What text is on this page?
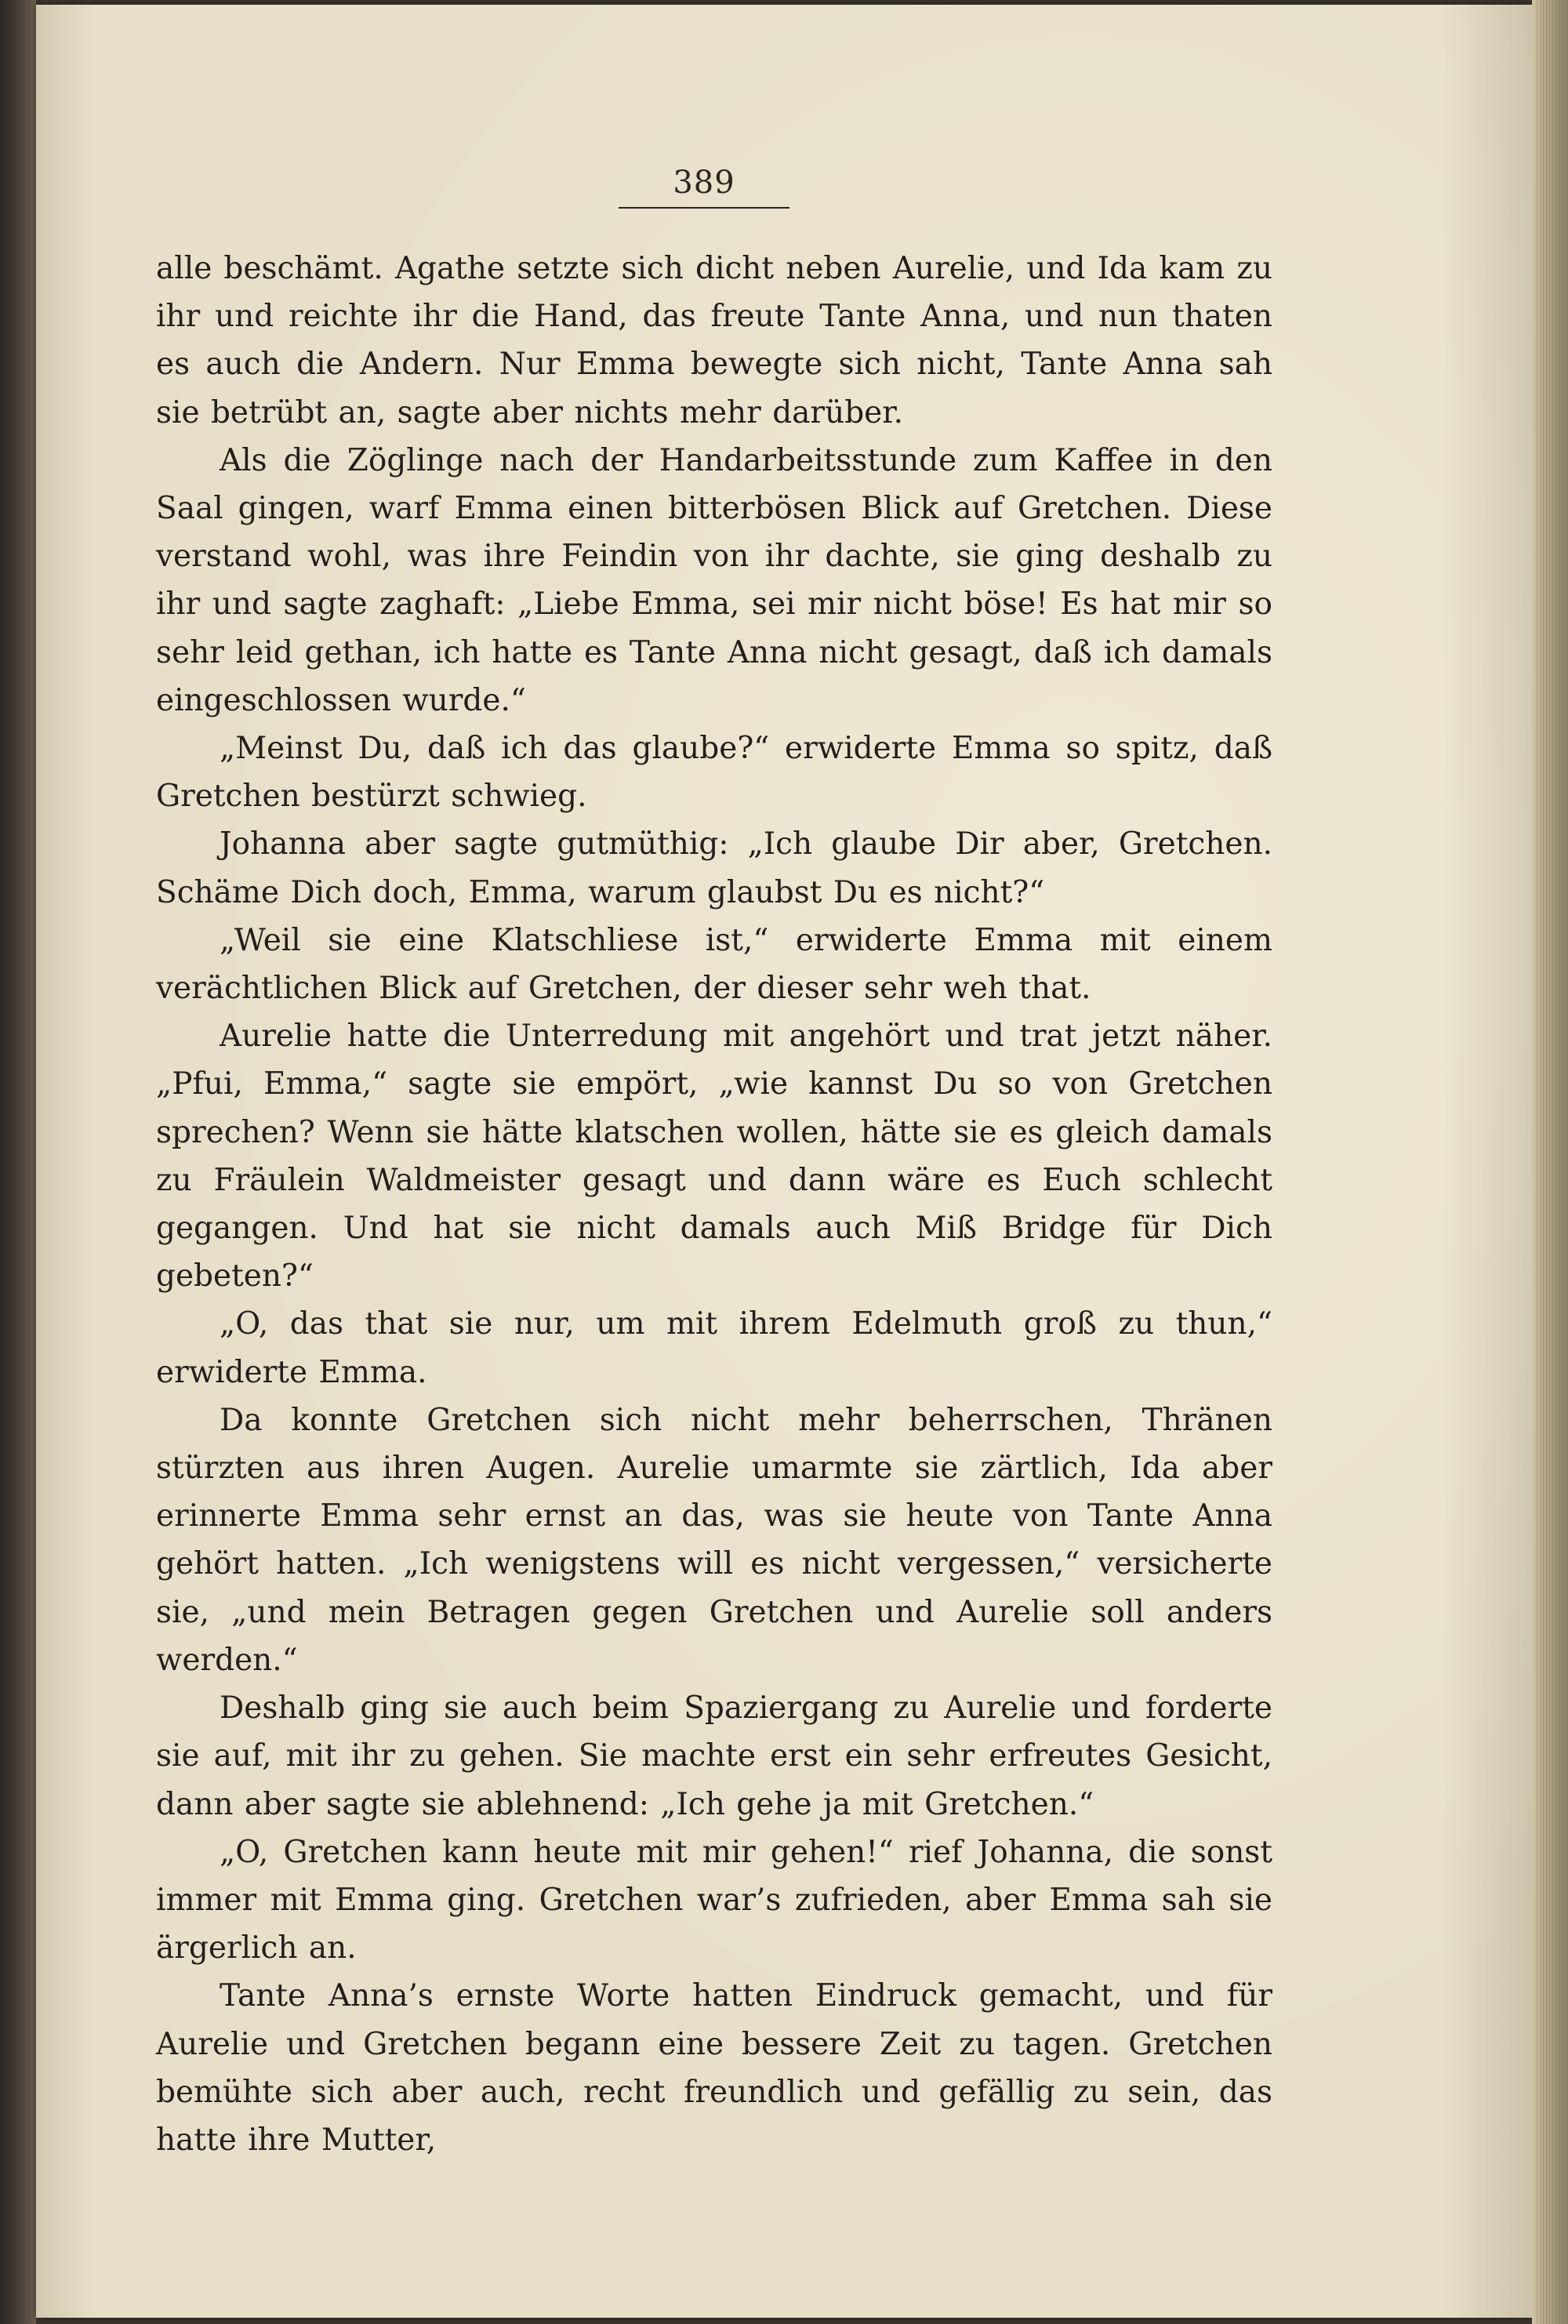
389

alle beschämt. Agathe setzte sich dicht neben Aurelie, und Ida kam zu ihr und reichte ihr die Hand, das freute Tante Anna, und nun thaten es auch die Andern. Nur Emma bewegte sich nicht, Tante Anna sah sie betrübt an, sagte aber nichts mehr darüber.

Als die Zöglinge nach der Handarbeitsstunde zum Kaffee in den Saal gingen, warf Emma einen bitterbösen Blick auf Gretchen. Diese verstand wohl, was ihre Feindin von ihr dachte, sie ging deshalb zu ihr und sagte zaghaft: „Liebe Emma, sei mir nicht böse! Es hat mir so sehr leid gethan, ich hatte es Tante Anna nicht gesagt, daß ich damals eingeschlossen wurde.“

„Meinst Du, daß ich das glaube?“ erwiderte Emma so spitz, daß Gretchen bestürzt schwieg.

Johanna aber sagte gutmüthig: „Ich glaube Dir aber, Gretchen. Schäme Dich doch, Emma, warum glaubst Du es nicht?“

„Weil sie eine Klatschliese ist,“ erwiderte Emma mit einem verächtlichen Blick auf Gretchen, der dieser sehr weh that.

Aurelie hatte die Unterredung mit angehört und trat jetzt näher. „Pfui, Emma,“ sagte sie empört, „wie kannst Du so von Gretchen sprechen? Wenn sie hätte klatschen wollen, hätte sie es gleich damals zu Fräulein Waldmeister gesagt und dann wäre es Euch schlecht gegangen. Und hat sie nicht damals auch Miß Bridge für Dich gebeten?“

„O, das that sie nur, um mit ihrem Edelmuth groß zu thun,“ erwiderte Emma.

Da konnte Gretchen sich nicht mehr beherrschen, Thränen stürzten aus ihren Augen. Aurelie umarmte sie zärtlich, Ida aber erinnerte Emma sehr ernst an das, was sie heute von Tante Anna gehört hatten. „Ich wenigstens will es nicht vergessen,“ versicherte sie, „und mein Betragen gegen Gretchen und Aurelie soll anders werden.“

Deshalb ging sie auch beim Spaziergang zu Aurelie und forderte sie auf, mit ihr zu gehen. Sie machte erst ein sehr erfreutes Gesicht, dann aber sagte sie ablehnend: „Ich gehe ja mit Gretchen.“

„O, Gretchen kann heute mit mir gehen!“ rief Johanna, die sonst immer mit Emma ging. Gretchen war’s zufrieden, aber Emma sah sie ärgerlich an.

Tante Anna’s ernste Worte hatten Eindruck gemacht, und für Aurelie und Gretchen begann eine bessere Zeit zu tagen. Gretchen bemühte sich aber auch, recht freundlich und gefällig zu sein, das hatte ihre Mutter,
